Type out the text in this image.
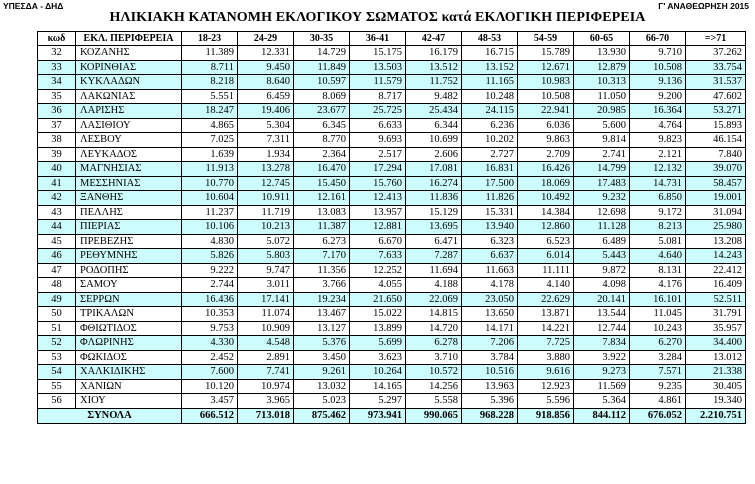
ΥΠΕΣΔΑ - ΔΗΔ	Γ' ΑΝΑΘΕΩΡΗΣΗ 2015
ΗΛΙΚΙΑΚΗ ΚΑΤΑΝΟΜΗ ΕΚΛΟΓΙΚΟΥ ΣΩΜΑΤΟΣ κατά ΕΚΛΟΓΙΚΗ ΠΕΡΙΦΕΡΕΙΑ
κωδ	ΕΚΛ. ΠΕΡΙΦΕΡΕΙΑ	18-23	24-29	30-35	36-41	42-47	48-53	54-59	60-65	66-70	=>71
32	ΚΟΖΑΝΗΣ	11.389	12.331	14.729	15.175	16.179	16.715	15.789	13.930	9.710	37.262
33	ΚΟΡΙΝΘΙΑΣ	8.711	9.450	11.849	13.503	13.512	13.152	12.671	12.879	10.508	33.754
34	ΚΥΚΛΑΔΩΝ	8.218	8.640	10.597	11.579	11.752	11.165	10.983	10.313	9.136	31.537
35	ΛΑΚΩΝΙΑΣ	5.551	6.459	8.069	8.717	9.482	10.248	10.508	11.050	9.200	47.602
36	ΛΑΡΙΣΗΣ	18.247	19.406	23.677	25.725	25.434	24.115	22.941	20.985	16.364	53.271
37	ΛΑΣΙΘΙΟΥ	4.865	5.304	6.345	6.633	6.344	6.236	6.036	5.600	4.764	15.893
38	ΛΕΣΒΟΥ	7.025	7.311	8.770	9.693	10.699	10.202	9.863	9.814	9.823	46.154
39	ΛΕΥΚΑΔΟΣ	1.639	1.934	2.364	2.517	2.606	2.727	2.709	2.741	2.121	7.840
40	ΜΑΓΝΗΣΙΑΣ	11.913	13.278	16.470	17.294	17.081	16.831	16.426	14.799	12.132	39.070
41	ΜΕΣΣΗΝΙΑΣ	10.770	12.745	15.450	15.760	16.274	17.500	18.069	17.483	14.731	58.457
42	ΞΑΝΘΗΣ	10.604	10.911	12.161	12.413	11.836	11.826	10.492	9.232	6.850	19.001
43	ΠΕΛΛΗΣ	11.237	11.719	13.083	13.957	15.129	15.331	14.384	12.698	9.172	31.094
44	ΠΙΕΡΙΑΣ	10.106	10.213	11.387	12.881	13.695	13.940	12.860	11.128	8.213	25.980
45	ΠΡΕΒΕΖΗΣ	4.830	5.072	6.273	6.670	6.471	6.323	6.523	6.489	5.081	13.208
46	ΡΕΘΥΜΝΗΣ	5.826	5.803	7.170	7.633	7.287	6.637	6.014	5.443	4.640	14.243
47	ΡΟΔΟΠΗΣ	9.222	9.747	11.356	12.252	11.694	11.663	11.111	9.872	8.131	22.412
48	ΣΑΜΟΥ	2.744	3.011	3.766	4.055	4.188	4.178	4.140	4.098	4.176	16.409
49	ΣΕΡΡΩΝ	16.436	17.141	19.234	21.650	22.069	23.050	22.629	20.141	16.101	52.511
50	ΤΡΙΚΑΛΩΝ	10.353	11.074	13.467	15.022	14.815	13.650	13.871	13.544	11.045	31.791
51	ΦΘΙΩΤΙΔΟΣ	9.753	10.909	13.127	13.899	14.720	14.171	14.221	12.744	10.243	35.957
52	ΦΛΩΡΙΝΗΣ	4.330	4.548	5.376	5.699	6.278	7.206	7.725	7.834	6.270	34.400
53	ΦΩΚΙΔΟΣ	2.452	2.891	3.450	3.623	3.710	3.784	3.880	3.922	3.284	13.012
54	ΧΑΛΚΙΔΙΚΗΣ	7.600	7.741	9.261	10.264	10.572	10.516	9.616	9.273	7.571	21.338
55	ΧΑΝΙΩΝ	10.120	10.974	13.032	14.165	14.256	13.963	12.923	11.569	9.235	30.405
56	ΧΙΟΥ	3.457	3.965	5.023	5.297	5.558	5.396	5.596	5.364	4.861	19.340
ΣΥΝΟΛΑ		666.512	713.018	875.462	973.941	990.065	968.228	918.856	844.112	676.052	2.210.751
